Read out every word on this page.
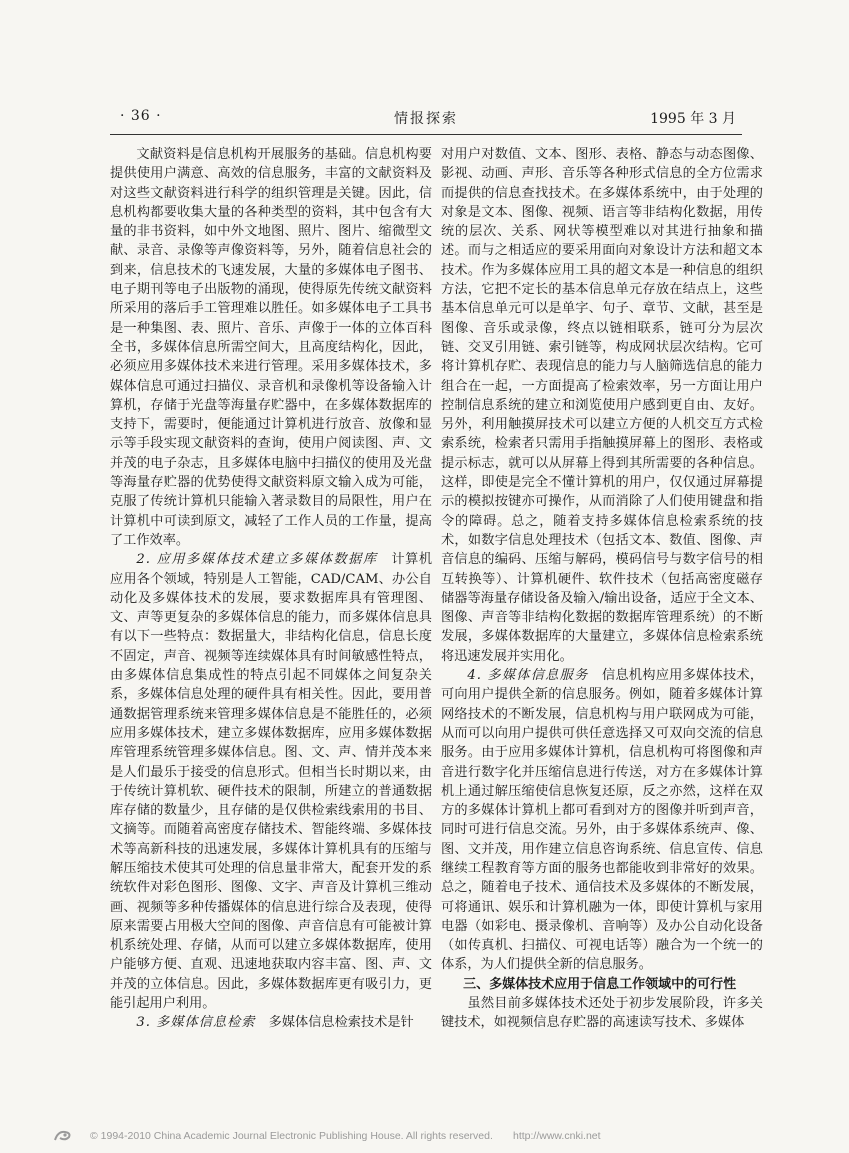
· 36 ·	情报探索	1995 年 3 月

文献资料是信息机构开展服务的基础。信息机构要提供使用户满意、高效的信息服务，丰富的文献资料及对这些文献资料进行科学的组织管理是关键。因此，信息机构都要收集大量的各种类型的资料，其中包含有大量的非书资料，如中外文地图、照片、图片、缩微型文献、录音、录像等声像资料等，另外，随着信息社会的到来，信息技术的飞速发展，大量的多媒体电子图书、电子期刊等电子出版物的涌现，使得原先传统文献资料所采用的落后手工管理难以胜任。如多媒体电子工具书是一种集图、表、照片、音乐、声像于一体的立体百科全书，多媒体信息所需空间大，且高度结构化，因此，必须应用多媒体技术来进行管理。采用多媒体技术，多媒体信息可通过扫描仪、录音机和录像机等设备输入计算机，存储于光盘等海量存贮器中，在多媒体数据库的支持下，需要时，便能通过计算机进行放音、放像和显示等手段实现文献资料的查询，使用户阅读图、声、文并茂的电子杂志，且多媒体电脑中扫描仪的使用及光盘等海量存贮器的优势使得文献资料原文输入成为可能，克服了传统计算机只能输入著录数目的局限性，用户在计算机中可读到原文，减轻了工作人员的工作量，提高了工作效率。

2. 应用多媒体技术建立多媒体数据库　 计算机应用各个领域，特别是人工智能，CAD/CAM、办公自动化及多媒体技术的发展，要求数据库具有管理图、文、声等更复杂的多媒体信息的能力，而多媒体信息具有以下一些特点：数据量大，非结构化信息，信息长度不固定，声音、视频等连续媒体具有时间敏感性特点，由多媒体信息集成性的特点引起不同媒体之间复杂关系，多媒体信息处理的硬件具有相关性。因此，要用普通数据管理系统来管理多媒体信息是不能胜任的，必须应用多媒体技术，建立多媒体数据库，应用多媒体数据库管理系统管理多媒体信息。图、文、声、情并茂本来是人们最乐于接受的信息形式。但相当长时期以来，由于传统计算机软、硬件技术的限制，所建立的普通数据库存储的数量少，且存储的是仅供检索线索用的书目、文摘等。而随着高密度存储技术、智能终端、多媒体技术等高新科技的迅速发展，多媒体计算机具有的压缩与解压缩技术使其可处理的信息量非常大，配套开发的系统软件对彩色图形、图像、文字、声音及计算机三维动画、视频等多种传播媒体的信息进行综合及表现，使得原来需要占用极大空间的图像、声音信息有可能被计算机系统处理、存储，从而可以建立多媒体数据库，使用户能够方便、直观、迅速地获取内容丰富、图、声、文并茂的立体信息。因此，多媒体数据库更有吸引力，更能引起用户利用。

3. 多媒体信息检索　 多媒体信息检索技术是针

对用户对数值、文本、图形、表格、静态与动态图像、影视、动画、声形、音乐等各种形式信息的全方位需求而提供的信息查找技术。在多媒体系统中，由于处理的对象是文本、图像、视频、语言等非结构化数据，用传统的层次、关系、网状等模型难以对其进行抽象和描述。而与之相适应的要采用面向对象设计方法和超文本技术。作为多媒体应用工具的超文本是一种信息的组织方法，它把不定长的基本信息单元存放在结点上，这些基本信息单元可以是单字、句子、章节、文献，甚至是图像、音乐或录像，终点以链相联系，链可分为层次链、交叉引用链、索引链等，构成网状层次结构。它可将计算机存贮、表现信息的能力与人脑筛选信息的能力组合在一起，一方面提高了检索效率，另一方面让用户控制信息系统的建立和浏览使用户感到更自由、友好。另外，利用触摸屏技术可以建立方便的人机交互方式检索系统，检索者只需用手指触摸屏幕上的图形、表格或提示标志，就可以从屏幕上得到其所需要的各种信息。这样，即使是完全不懂计算机的用户，仅仅通过屏幕提示的模拟按键亦可操作，从而消除了人们使用键盘和指令的障碍。总之，随着支持多媒体信息检索系统的技术，如数字信息处理技术（包括文本、数值、图像、声音信息的编码、压缩与解码，模码信号与数字信号的相互转换等）、计算机硬件、软件技术（包括高密度磁存储器等海量存储设备及输入/输出设备，适应于全文本、图像、声音等非结构化数据的数据库管理系统）的不断发展，多媒体数据库的大量建立，多媒体信息检索系统将迅速发展并实用化。

4. 多媒体信息服务　 信息机构应用多媒体技术，可向用户提供全新的信息服务。例如，随着多媒体计算网络技术的不断发展，信息机构与用户联网成为可能，从而可以向用户提供可供任意选择又可双向交流的信息服务。由于应用多媒体计算机，信息机构可将图像和声音进行数字化并压缩信息进行传送，对方在多媒体计算机上通过解压缩使信息恢复还原，反之亦然，这样在双方的多媒体计算机上都可看到对方的图像并听到声音，同时可进行信息交流。另外，由于多媒体系统声、像、图、文并茂，用作建立信息咨询系统、信息宣传、信息继续工程教育等方面的服务也都能收到非常好的效果。总之，随着电子技术、通信技术及多媒体的不断发展，可将通讯、娱乐和计算机融为一体，即使计算机与家用电器（如彩电、摄录像机、音响等）及办公自动化设备（如传真机、扫描仪、可视电话等）融合为一个统一的体系，为人们提供全新的信息服务。

三、多媒体技术应用于信息工作领域中的可行性

虽然目前多媒体技术还处于初步发展阶段，许多关键技术，如视频信息存贮器的高速读写技术、多媒体

© 1994-2010 China Academic Journal Electronic Publishing House. All rights reserved. http://www.cnki.net
